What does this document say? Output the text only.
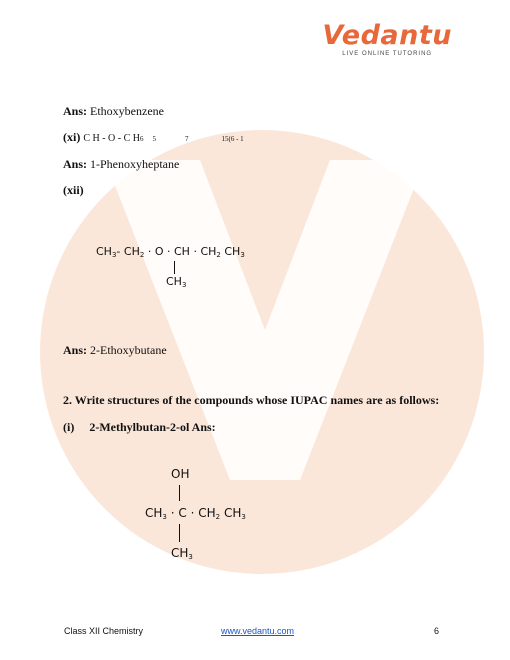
Vedantu
LIVE ONLINE TUTORING
Ans: Ethoxybenzene
(xi) C H - O - C H6 5	7	15(6 - 1
Ans: 1-Phenoxyheptane
(xii)
$CH_3-$ $CH_2 \cdot O$ · CH · $CH_2$ $CH_3$
$CH_3$
Ans: 2-Ethoxybutane
2. Write structures of the compounds whose IUPAC names are as follows:
(i) 2-Methylbutan-2-ol Ans:
OH
$CH_3 \cdot C \cdot CH_2$ $CH_3$
$CH_3$
Class XII Chemistry	www.vedantu.com	6
